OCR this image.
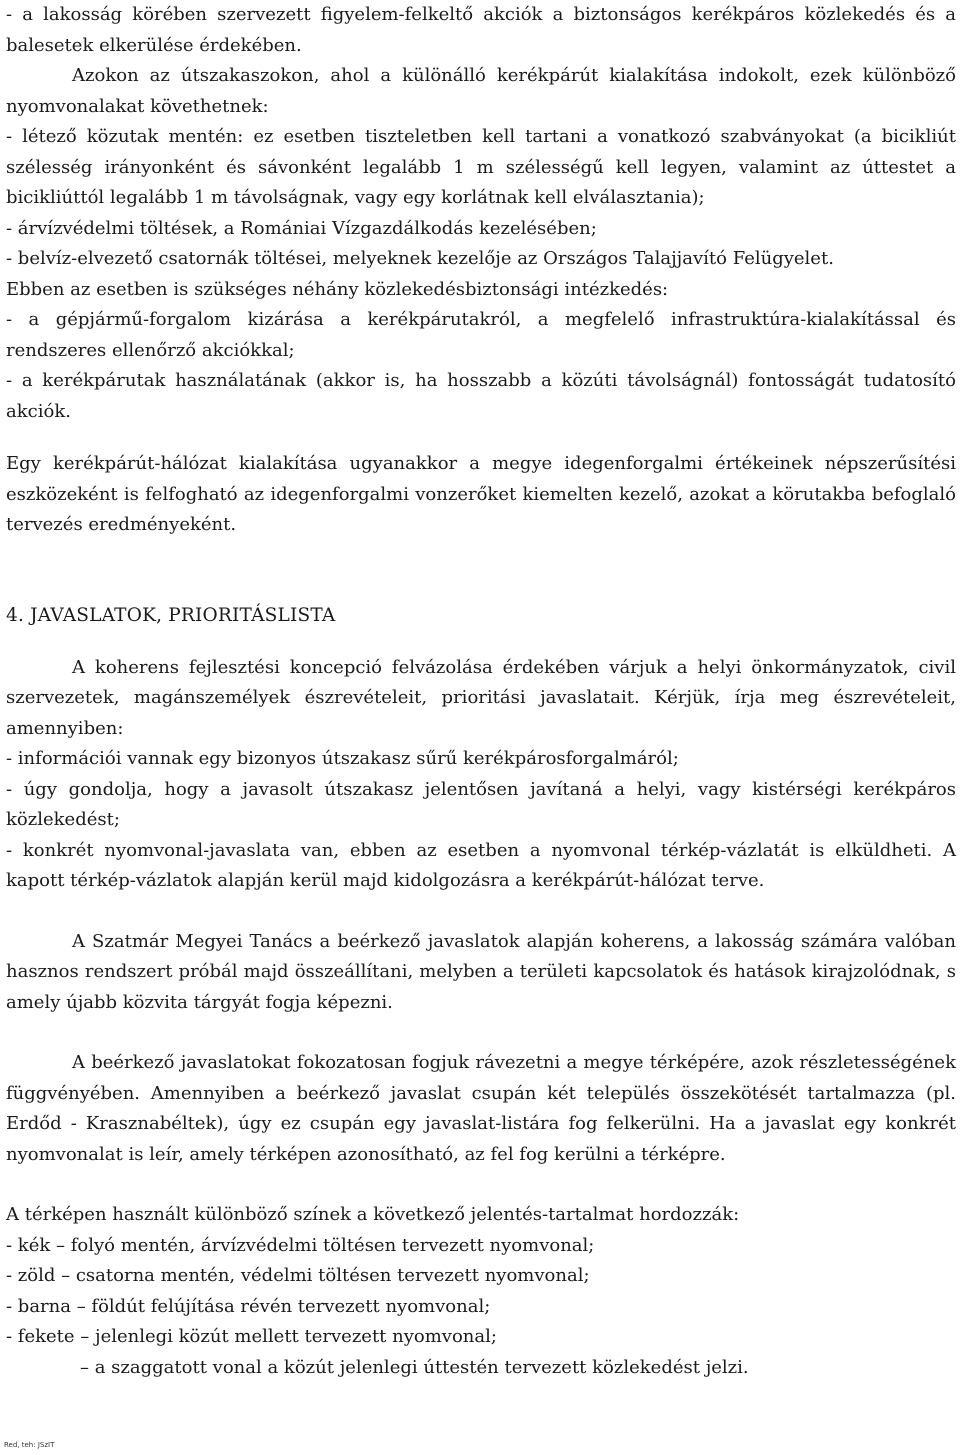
- a lakosság körében szervezett figyelem-felkeltő akciók a biztonságos kerékpáros közlekedés és a balesetek elkerülése érdekében.

Azokon az útszakaszokon, ahol a különálló kerékpárút kialakítása indokolt, ezek különböző nyomvonalakat követhetnek:

- létező közutak mentén: ez esetben tiszteletben kell tartani a vonatkozó szabványokat (a bicikliút szélesség irányonként és sávonként legalább 1 m szélességű kell legyen, valamint az úttestet a bicikliúttól legalább 1 m távolságnak, vagy egy korlátnak kell elválasztania);

- árvízvédelmi töltések, a Romániai Vízgazdálkodás kezelésében;

- belvíz-elvezető csatornák töltései, melyeknek kezelője az Országos Talajjavító Felügyelet.

Ebben az esetben is szükséges néhány közlekedésbiztonsági intézkedés:

- a gépjármű-forgalom kizárása a kerékpárutakról, a megfelelő infrastruktúra-kialakítással és rendszeres ellenőrző akciókkal;

- a kerékpárutak használatának (akkor is, ha hosszabb a közúti távolságnál) fontosságát tudatosító akciók.

Egy kerékpárút-hálózat kialakítása ugyanakkor a megye idegenforgalmi értékeinek népszerűsítési eszközeként is felfogható az idegenforgalmi vonzerőket kiemelten kezelő, azokat a körutakba befoglaló tervezés eredményeként.

4. JAVASLATOK, PRIORITÁSLISTA

A koherens fejlesztési koncepció felvázolása érdekében várjuk a helyi önkormányzatok, civil szervezetek, magánszemélyek észrevételeit, prioritási javaslatait. Kérjük, írja meg észrevételeit, amennyiben:

- információi vannak egy bizonyos útszakasz sűrű kerékpárosforgalmáról;

- úgy gondolja, hogy a javasolt útszakasz jelentősen javítaná a helyi, vagy kistérségi kerékpáros közlekedést;

- konkrét nyomvonal-javaslata van, ebben az esetben a nyomvonal térkép-vázlatát is elküldheti. A kapott térkép-vázlatok alapján kerül majd kidolgozásra a kerékpárút-hálózat terve.

A Szatmár Megyei Tanács a beérkező javaslatok alapján koherens, a lakosság számára valóban hasznos rendszert próbál majd összeállítani, melyben a területi kapcsolatok és hatások kirajzolódnak, s amely újabb közvita tárgyát fogja képezni.

A beérkező javaslatokat fokozatosan fogjuk rávezetni a megye térképére, azok részletességének függvényében. Amennyiben a beérkező javaslat csupán két település összekötését tartalmazza (pl. Erdőd - Krasznabéltek), úgy ez csupán egy javaslat-listára fog felkerülni. Ha a javaslat egy konkrét nyomvonalat is leír, amely térképen azonosítható, az fel fog kerülni a térképre.

A térképen használt különböző színek a következő jelentés-tartalmat hordozzák:

- kék – folyó mentén, árvízvédelmi töltésen tervezett nyomvonal;

- zöld – csatorna mentén, védelmi töltésen tervezett nyomvonal;

- barna – földút felújítása révén tervezett nyomvonal;

- fekete – jelenlegi közút mellett tervezett nyomvonal;

– a szaggatott vonal a közút jelenlegi úttestén tervezett közlekedést jelzi.

Red, teh: JSzIT
